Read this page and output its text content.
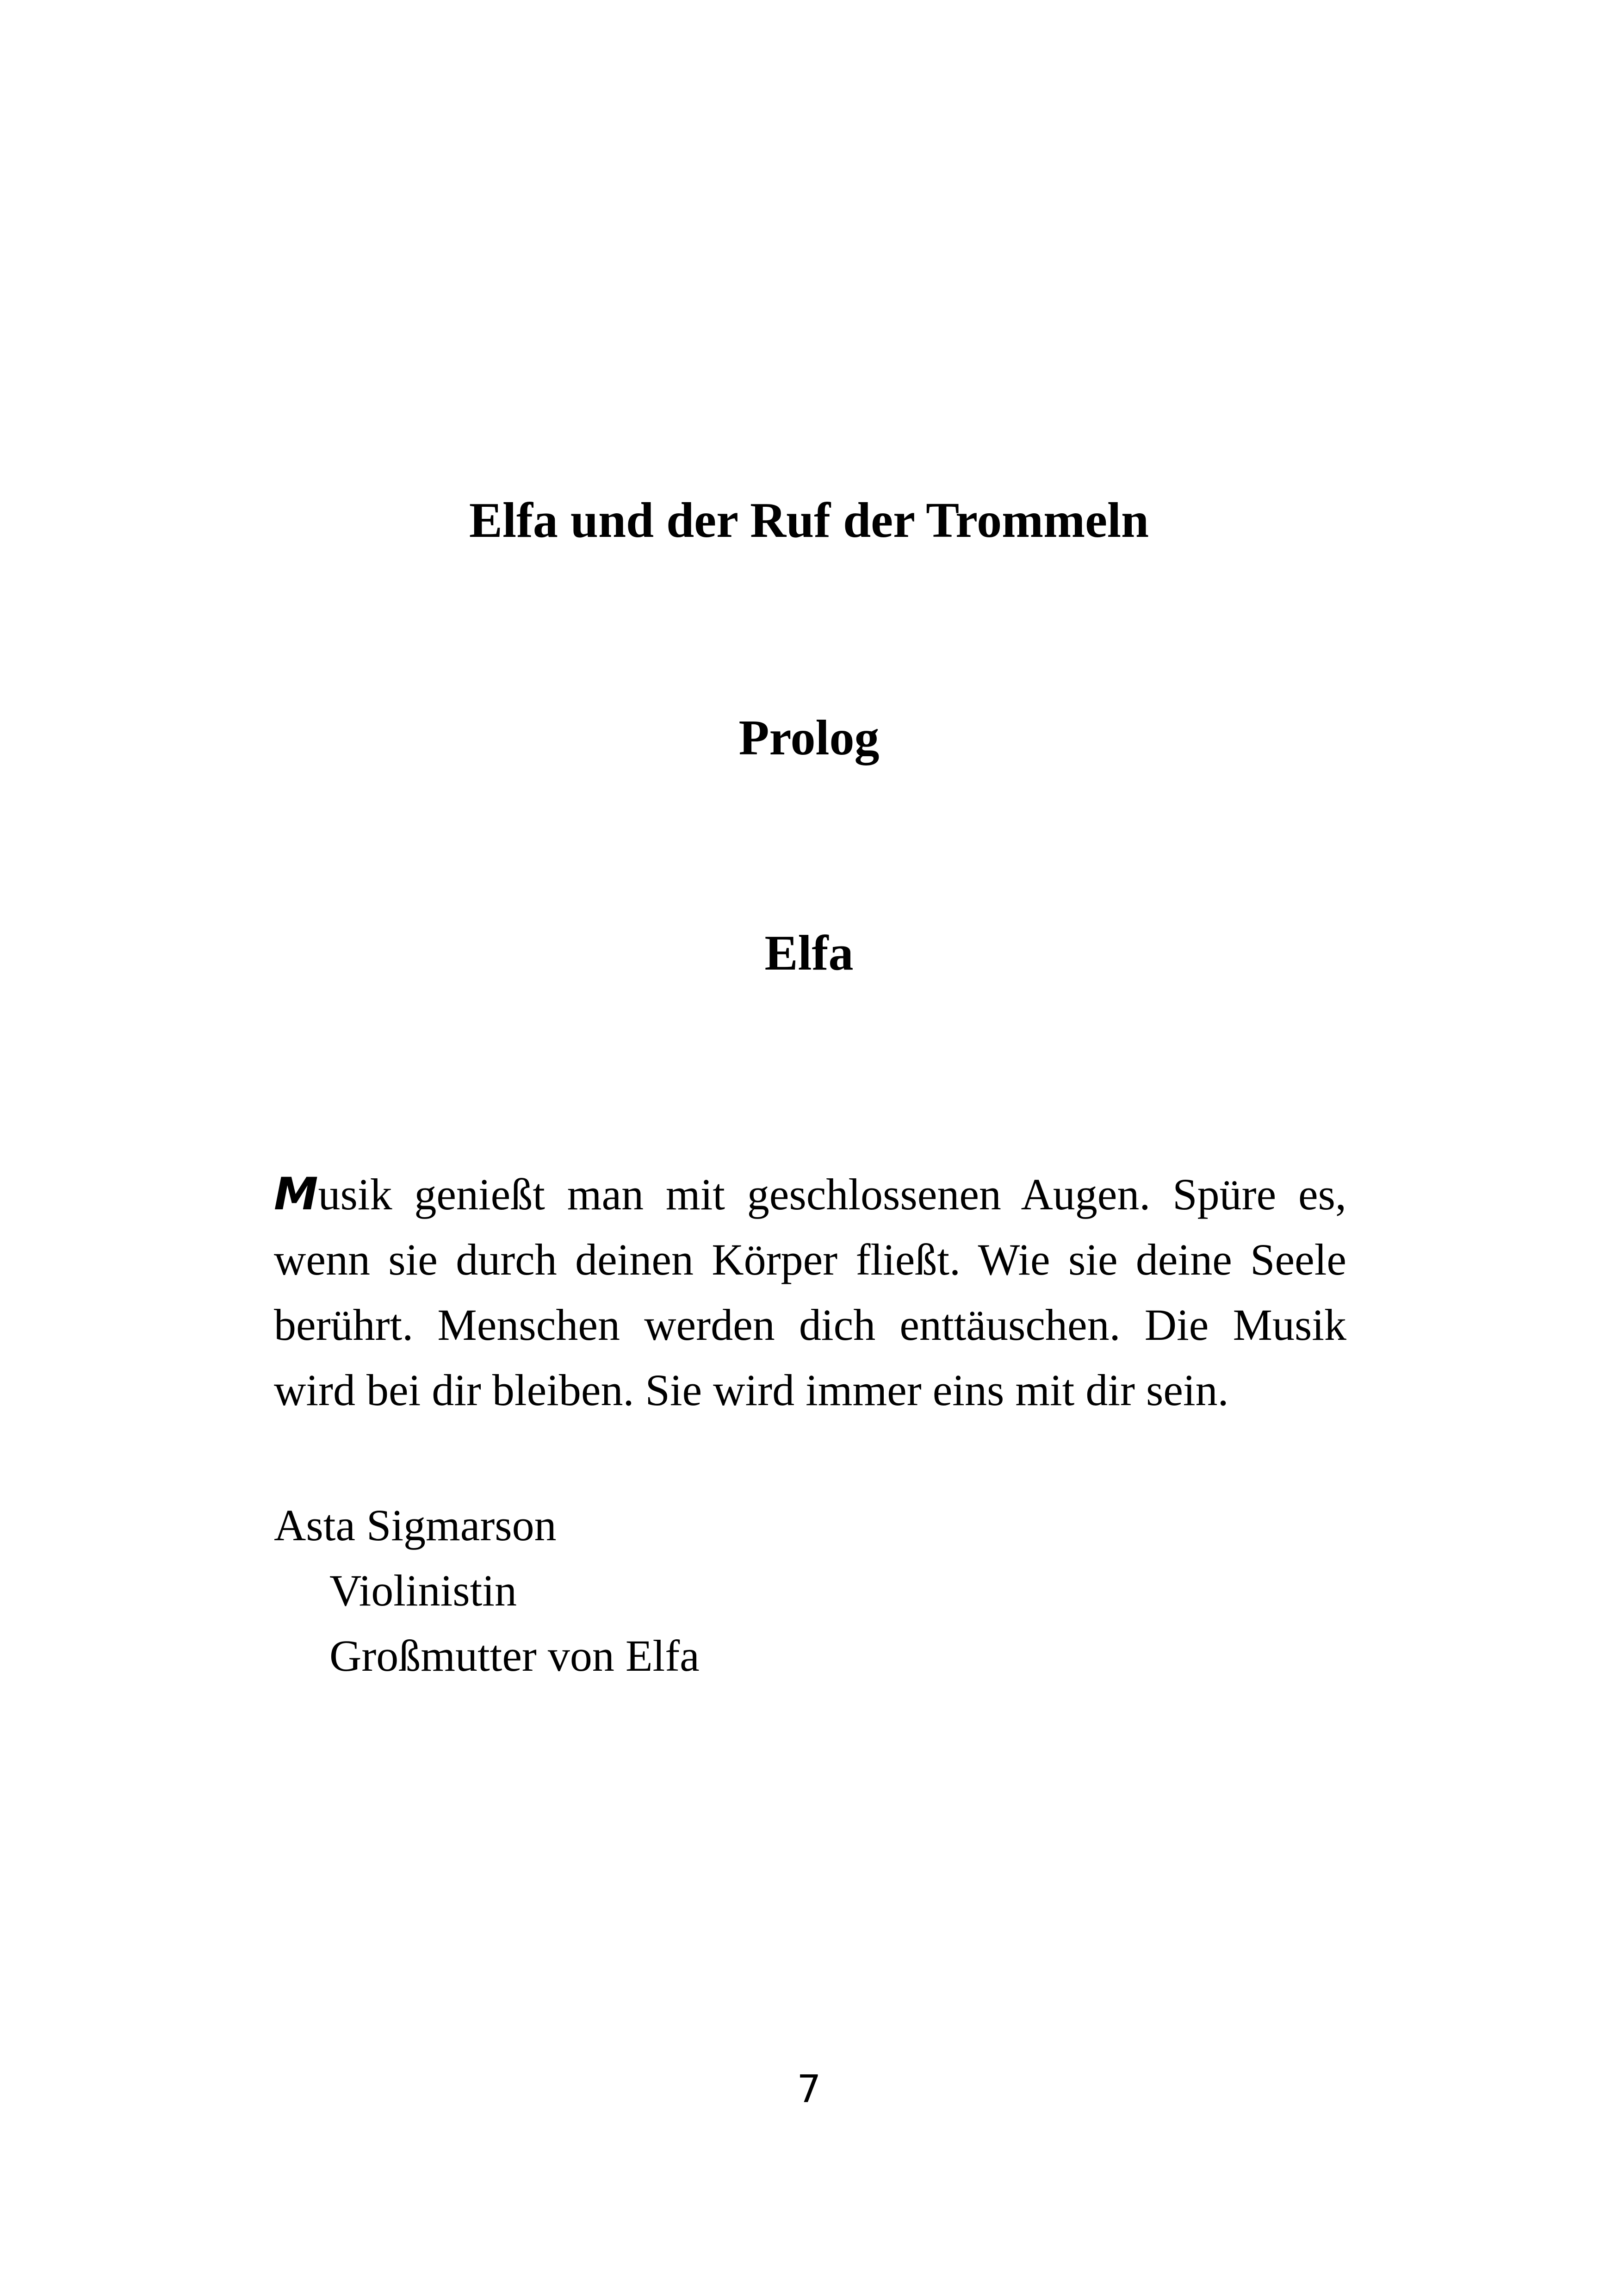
Elfa und der Ruf der Trommeln
Prolog
Elfa

Musik genießt man mit geschlossenen Augen. Spüre es, wenn sie durch deinen Körper fließt. Wie sie deine Seele berührt. Menschen werden dich enttäuschen. Die Musik wird bei dir bleiben. Sie wird immer eins mit dir sein.

Asta Sigmarson
Violinistin
Großmutter von Elfa
7
